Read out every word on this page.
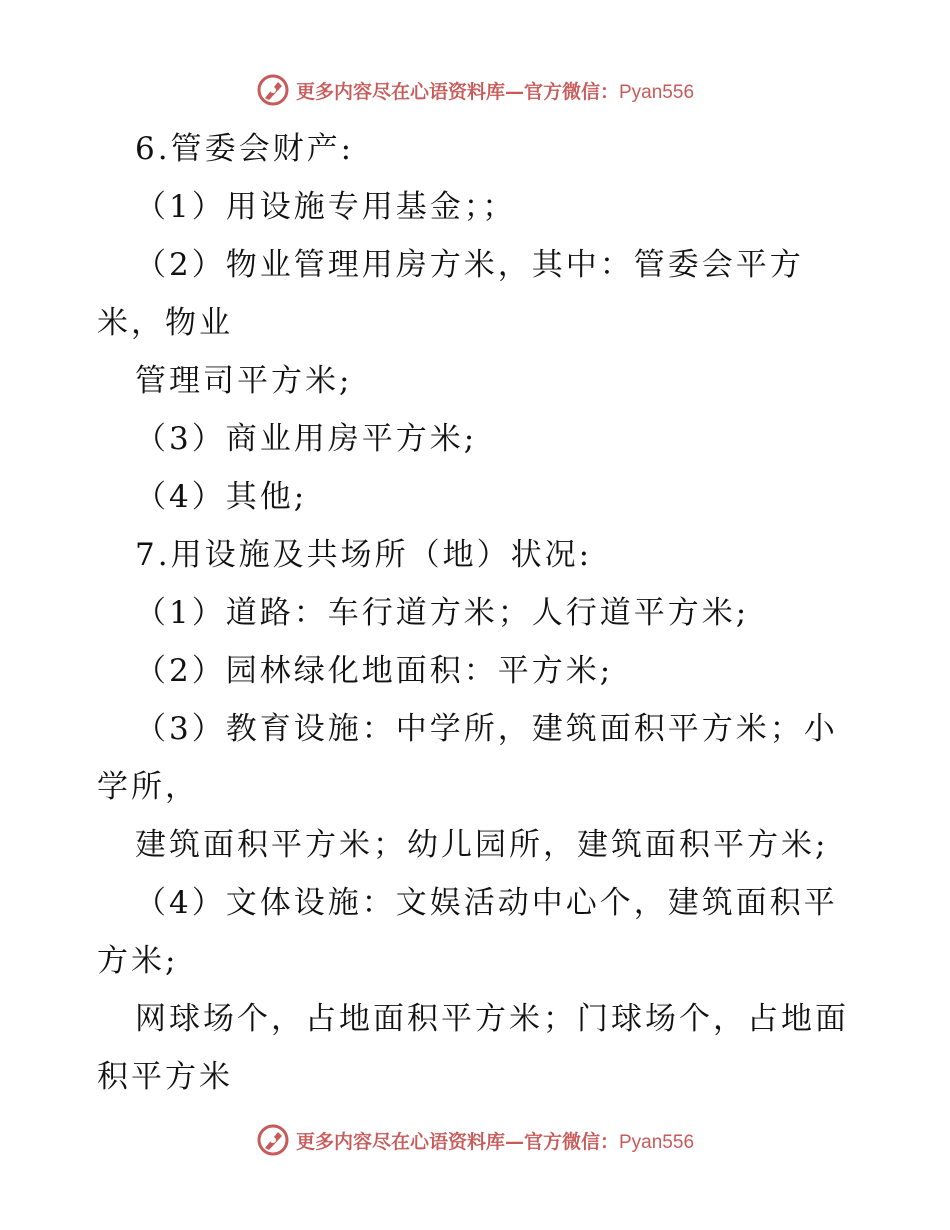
更多内容尽在心语资料库—官方微信：Pyan556
6.管委会财产:
（1）用设施专用基金；；
（2）物业管理用房方米，其中：管委会平方
米，物业
管理司平方米;
（3）商业用房平方米;
（4）其他;
7.用设施及共场所（地）状况:
（1）道路：车行道方米；人行道平方米;
（2）园林绿化地面积：平方米;
（3）教育设施：中学所，建筑面积平方米；小
学所，
建筑面积平方米；幼儿园所，建筑面积平方米;
（4）文体设施：文娱活动中心个，建筑面积平
方米;
网球场个，占地面积平方米；门球场个，占地面
积平方米
更多内容尽在心语资料库—官方微信：Pyan556
